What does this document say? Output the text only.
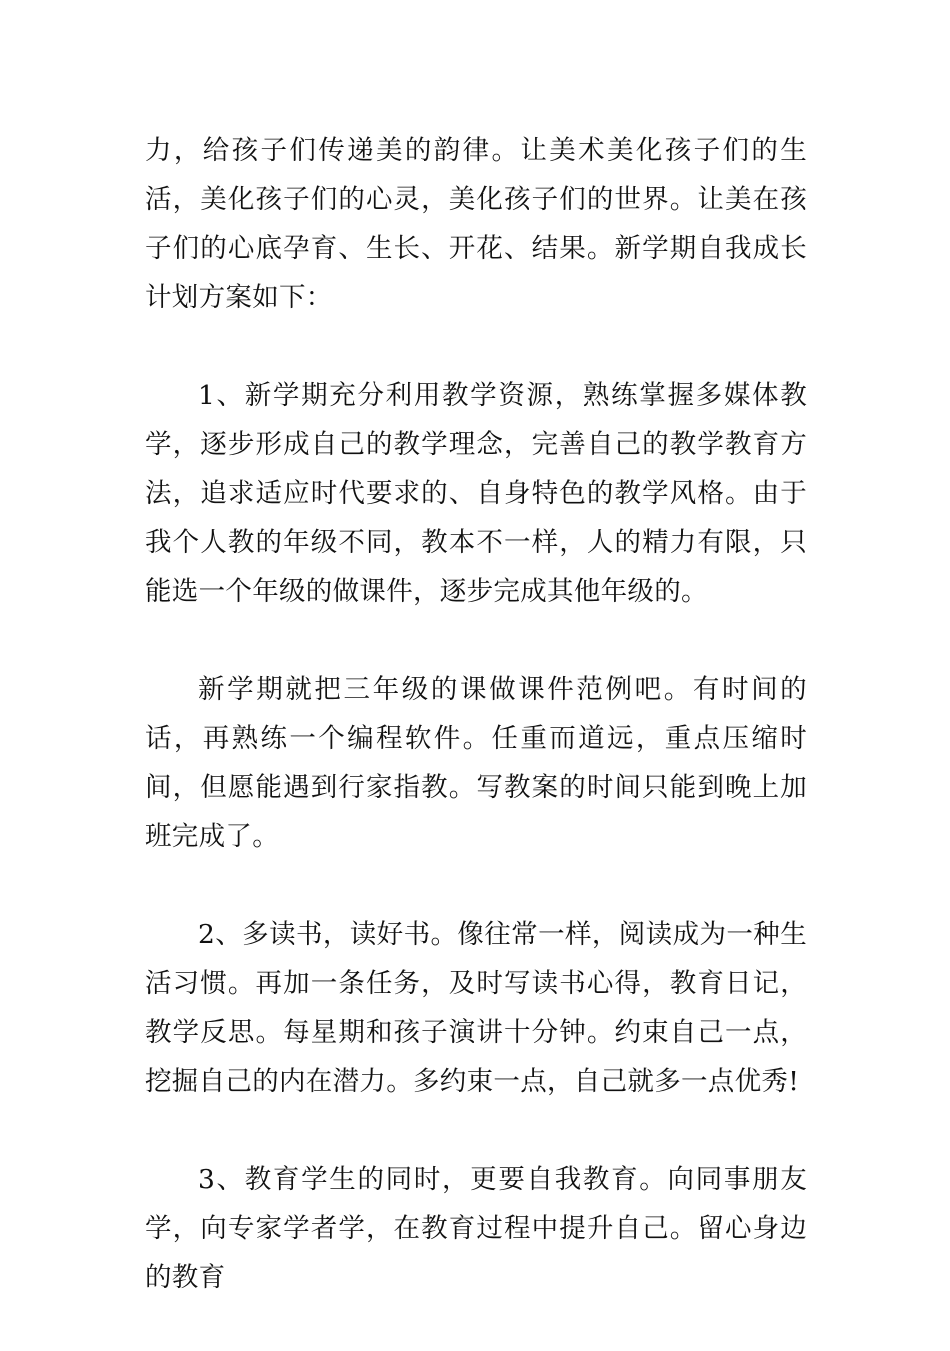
力，给孩子们传递美的韵律。让美术美化孩子们的生活，美化孩子们的心灵，美化孩子们的世界。让美在孩子们的心底孕育、生长、开花、结果。新学期自我成长计划方案如下：

1、新学期充分利用教学资源，熟练掌握多媒体教学，逐步形成自己的教学理念，完善自己的教学教育方法，追求适应时代要求的、自身特色的教学风格。由于我个人教的年级不同，教本不一样，人的精力有限，只能选一个年级的做课件，逐步完成其他年级的。

新学期就把三年级的课做课件范例吧。有时间的话，再熟练一个编程软件。任重而道远，重点压缩时间，但愿能遇到行家指教。写教案的时间只能到晚上加班完成了。

2、多读书，读好书。像往常一样，阅读成为一种生活习惯。再加一条任务，及时写读书心得，教育日记，教学反思。每星期和孩子演讲十分钟。约束自己一点，挖掘自己的内在潜力。多约束一点，自己就多一点优秀!

3、教育学生的同时，更要自我教育。向同事朋友学，向专家学者学，在教育过程中提升自己。留心身边的教育
